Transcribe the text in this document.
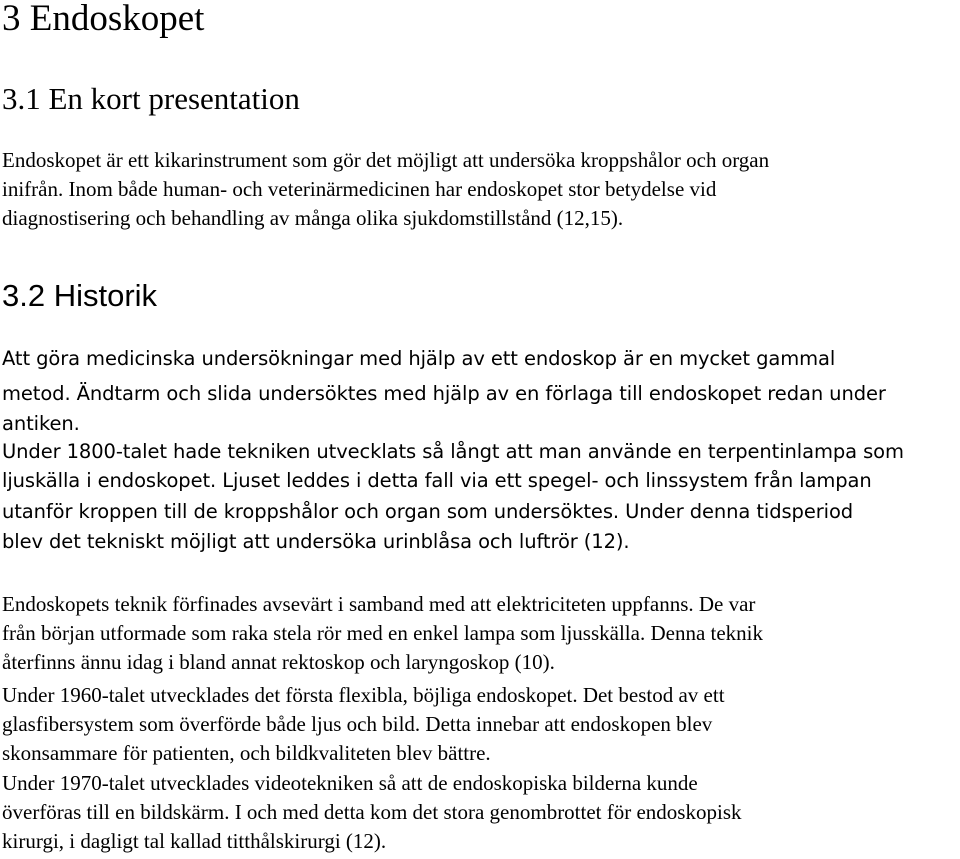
3 Endoskopet
3.1 En kort presentation
Endoskopet är ett kikarinstrument som gör det möjligt att undersöka kroppshålor och organ
inifrån. Inom både human- och veterinärmedicinen har endoskopet stor betydelse vid
diagnostisering och behandling av många olika sjukdomstillstånd (12,15).
3.2 Historik
Att göra medicinska undersökningar med hjälp av ett endoskop är en mycket gammal
metod. Ändtarm och slida undersöktes med hjälp av en förlaga till endoskopet redan under
antiken.
Under 1800-talet hade tekniken utvecklats så långt att man använde en terpentinlampa som
ljuskälla i endoskopet. Ljuset leddes i detta fall via ett spegel- och linssystem från lampan
utanför kroppen till de kroppshålor och organ som undersöktes. Under denna tidsperiod
blev det tekniskt möjligt att undersöka urinblåsa och luftrör (12).
Endoskopets teknik förfinades avsevärt i samband med att elektriciteten uppfanns. De var
från början utformade som raka stela rör med en enkel lampa som ljusskälla. Denna teknik
återfinns ännu idag i bland annat rektoskop och laryngoskop (10).
Under 1960-talet utvecklades det första flexibla, böjliga endoskopet. Det bestod av ett
glasfibersystem som överförde både ljus och bild. Detta innebar att endoskopen blev
skonsammare för patienten, och bildkvaliteten blev bättre.
Under 1970-talet utvecklades videotekniken så att de endoskopiska bilderna kunde
överföras till en bildskärm. I och med detta kom det stora genombrottet för endoskopisk
kirurgi, i dagligt tal kallad titthålskirurgi (12).
